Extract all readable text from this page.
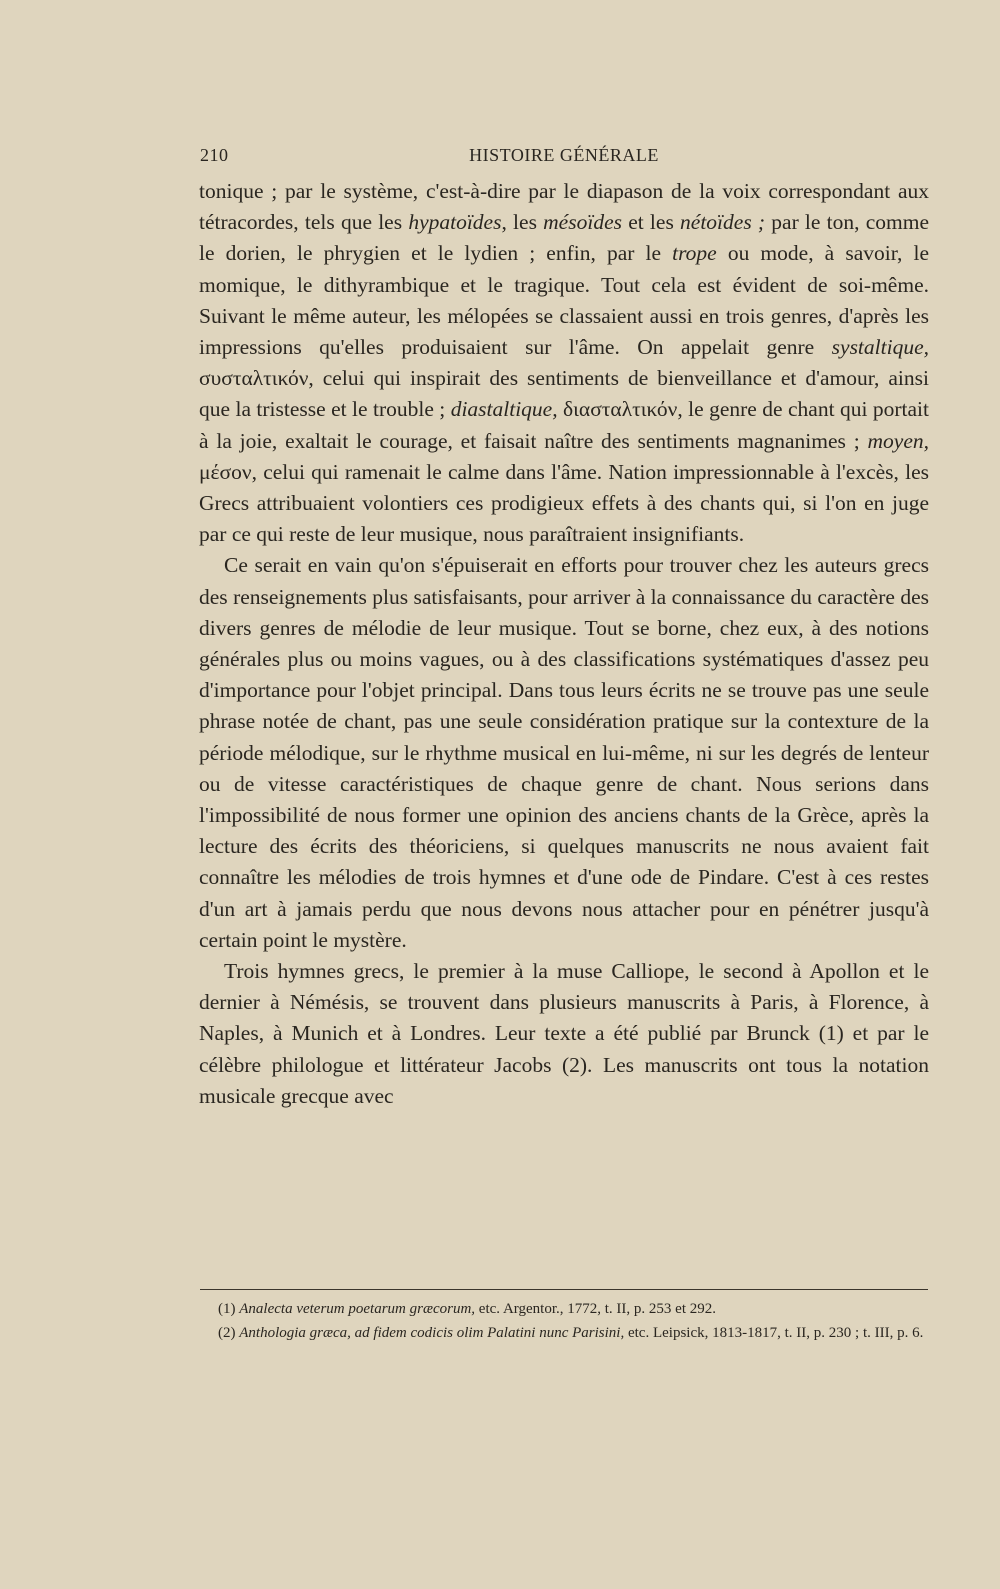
210	HISTOIRE GÉNÉRALE

tonique ; par le système, c'est-à-dire par le diapason de la voix correspondant aux tétracordes, tels que les hypatoïdes, les mésoïdes et les nétoïdes ; par le ton, comme le dorien, le phrygien et le lydien ; enfin, par le trope ou mode, à savoir, le momique, le dithyrambique et le tragique. Tout cela est évident de soi-même. Suivant le même auteur, les mélopées se classaient aussi en trois genres, d'après les impressions qu'elles produisaient sur l'âme. On appelait genre systaltique, συσταλτικόν, celui qui inspirait des sentiments de bienveillance et d'amour, ainsi que la tristesse et le trouble ; diastaltique, διασταλτικόν, le genre de chant qui portait à la joie, exaltait le courage, et faisait naître des sentiments magnanimes ; moyen, μέσον, celui qui ramenait le calme dans l'âme. Nation impressionnable à l'excès, les Grecs attribuaient volontiers ces prodigieux effets à des chants qui, si l'on en juge par ce qui reste de leur musique, nous paraîtraient insignifiants.

Ce serait en vain qu'on s'épuiserait en efforts pour trouver chez les auteurs grecs des renseignements plus satisfaisants, pour arriver à la connaissance du caractère des divers genres de mélodie de leur musique. Tout se borne, chez eux, à des notions générales plus ou moins vagues, ou à des classifications systématiques d'assez peu d'importance pour l'objet principal. Dans tous leurs écrits ne se trouve pas une seule phrase notée de chant, pas une seule considération pratique sur la contexture de la période mélodique, sur le rhythme musical en lui-même, ni sur les degrés de lenteur ou de vitesse caractéristiques de chaque genre de chant. Nous serions dans l'impossibilité de nous former une opinion des anciens chants de la Grèce, après la lecture des écrits des théoriciens, si quelques manuscrits ne nous avaient fait connaître les mélodies de trois hymnes et d'une ode de Pindare. C'est à ces restes d'un art à jamais perdu que nous devons nous attacher pour en pénétrer jusqu'à certain point le mystère.

Trois hymnes grecs, le premier à la muse Calliope, le second à Apollon et le dernier à Némésis, se trouvent dans plusieurs manuscrits à Paris, à Florence, à Naples, à Munich et à Londres. Leur texte a été publié par Brunck (1) et par le célèbre philologue et littérateur Jacobs (2). Les manuscrits ont tous la notation musicale grecque avec

(1) Analecta veterum poetarum græcorum, etc. Argentor., 1772, t. II, p. 253 et 292.

(2) Anthologia græca, ad fidem codicis olim Palatini nunc Parisini, etc. Leipsick, 1813-1817, t. II, p. 230 ; t. III, p. 6.
